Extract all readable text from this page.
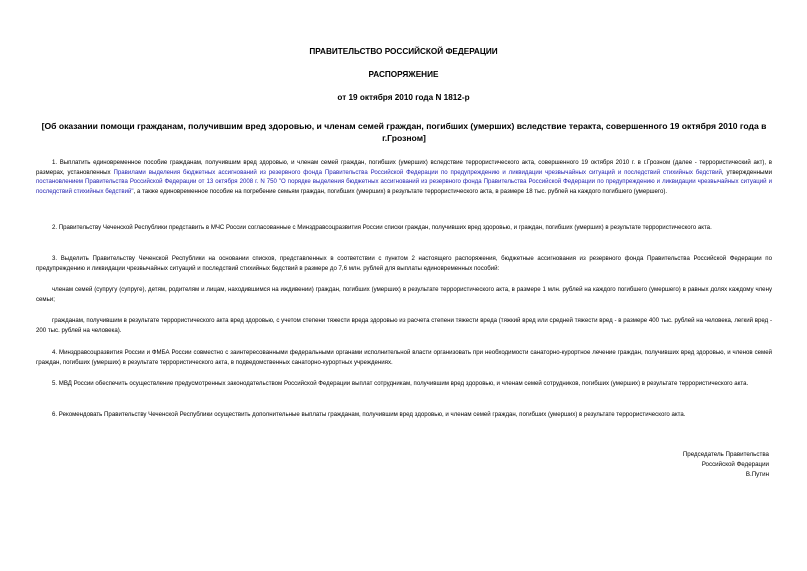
ПРАВИТЕЛЬСТВО РОССИЙСКОЙ ФЕДЕРАЦИИ
РАСПОРЯЖЕНИЕ
от 19 октября 2010 года N 1812-р
[Об оказании помощи гражданам, получившим вред здоровью, и членам семей граждан, погибших (умерших) вследствие теракта, совершенного 19 октября 2010 года в г.Грозном]

1. Выплатить единовременное пособие гражданам, получившим вред здоровью, и членам семей граждан, погибших (умерших) вследствие террористического акта, совершенного 19 октября 2010 г. в г.Грозном (далее - террористический акт), в размерах, установленных Правилами выделения бюджетных ассигнований из резервного фонда Правительства Российской Федерации по предупреждению и ликвидации чрезвычайных ситуаций и последствий стихийных бедствий, утвержденными постановлением Правительства Российской Федерации от 13 октября 2008 г. N 750 "О порядке выделения бюджетных ассигнований из резервного фонда Правительства Российской Федерации по предупреждению и ликвидации чрезвычайных ситуаций и последствий стихийных бедствий", а также единовременное пособие на погребение семьям граждан, погибших (умерших) в результате террористического акта, в размере 18 тыс. рублей на каждого погибшего (умершего).

2. Правительству Чеченской Республики представить в МЧС России согласованные с Минздравсоцразвития России списки граждан, получивших вред здоровью, и граждан, погибших (умерших) в результате террористического акта.

3. Выделить Правительству Чеченской Республики на основании списков, представленных в соответствии с пунктом 2 настоящего распоряжения, бюджетные ассигнования из резервного фонда Правительства Российской Федерации по предупреждению и ликвидации чрезвычайных ситуаций и последствий стихийных бедствий в размере до 7,6 млн. рублей для выплаты единовременных пособий:

членам семей (супругу (супруге), детям, родителям и лицам, находившимся на иждивении) граждан, погибших (умерших) в результате террористического акта, в размере 1 млн. рублей на каждого погибшего (умершего) в равных долях каждому члену семьи;

гражданам, получившим в результате террористического акта вред здоровью, с учетом степени тяжести вреда здоровью из расчета степени тяжести вреда (тяжкий вред или средней тяжести вред - в размере 400 тыс. рублей на человека, легкий вред - 200 тыс. рублей на человека).

4. Минздравсоцразвития России и ФМБА России совместно с заинтересованными федеральными органами исполнительной власти организовать при необходимости санаторно-курортное лечение граждан, получивших вред здоровью, и членов семей граждан, погибших (умерших) в результате террористического акта, в подведомственных санаторно-курортных учреждениях.

5. МВД России обеспечить осуществление предусмотренных законодательством Российской Федерации выплат сотрудникам, получившим вред здоровью, и членам семей сотрудников, погибших (умерших) в результате террористического акта.

6. Рекомендовать Правительству Чеченской Республики осуществить дополнительные выплаты гражданам, получившим вред здоровью, и членам семей граждан, погибших (умерших) в результате террористического акта.

Председатель Правительства
Российской Федерации
В.Путин
